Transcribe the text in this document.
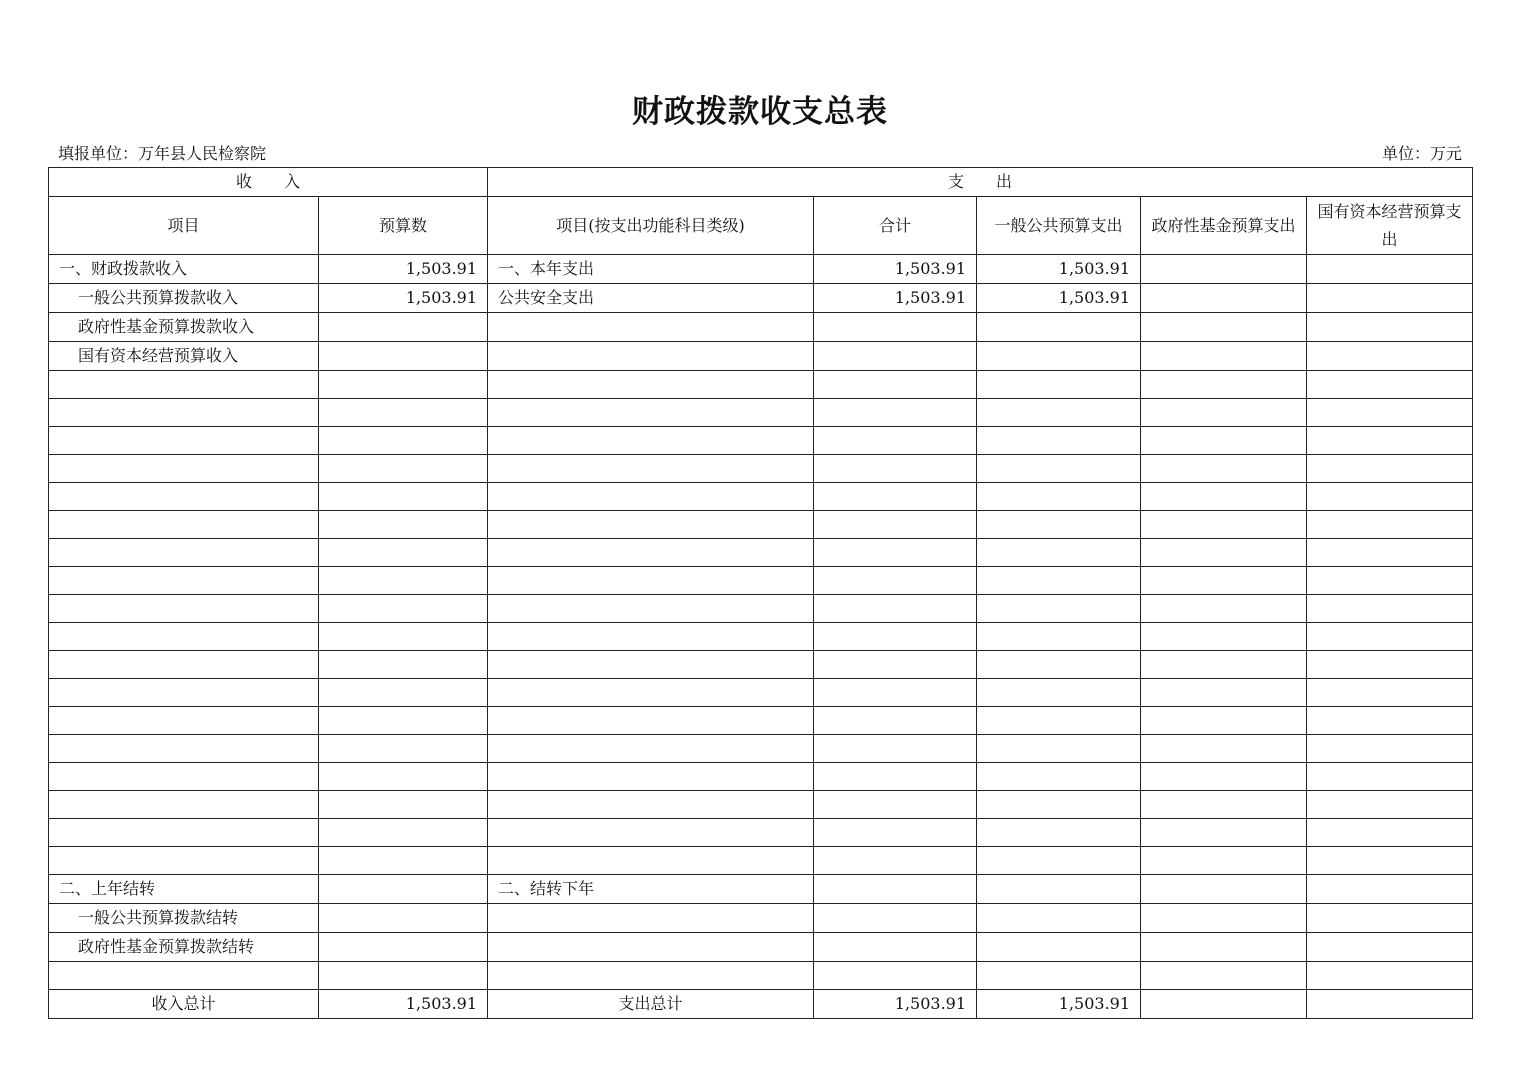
财政拨款收支总表
填报单位：万年县人民检察院	单位：万元
收　　入		支　　出				
项目	预算数	项目(按支出功能科目类级)	合计	一般公共预算支出	政府性基金预算支出	国有资本经营预算支出
一、财政拨款收入	1,503.91	一、本年支出	1,503.91	1,503.91		
一般公共预算拨款收入	1,503.91	公共安全支出	1,503.91	1,503.91		
政府性基金预算拨款收入						
国有资本经营预算收入						

二、上年结转		二、结转下年				
一般公共预算拨款结转						
政府性基金预算拨款结转						

收入总计	1,503.91	支出总计	1,503.91	1,503.91		
